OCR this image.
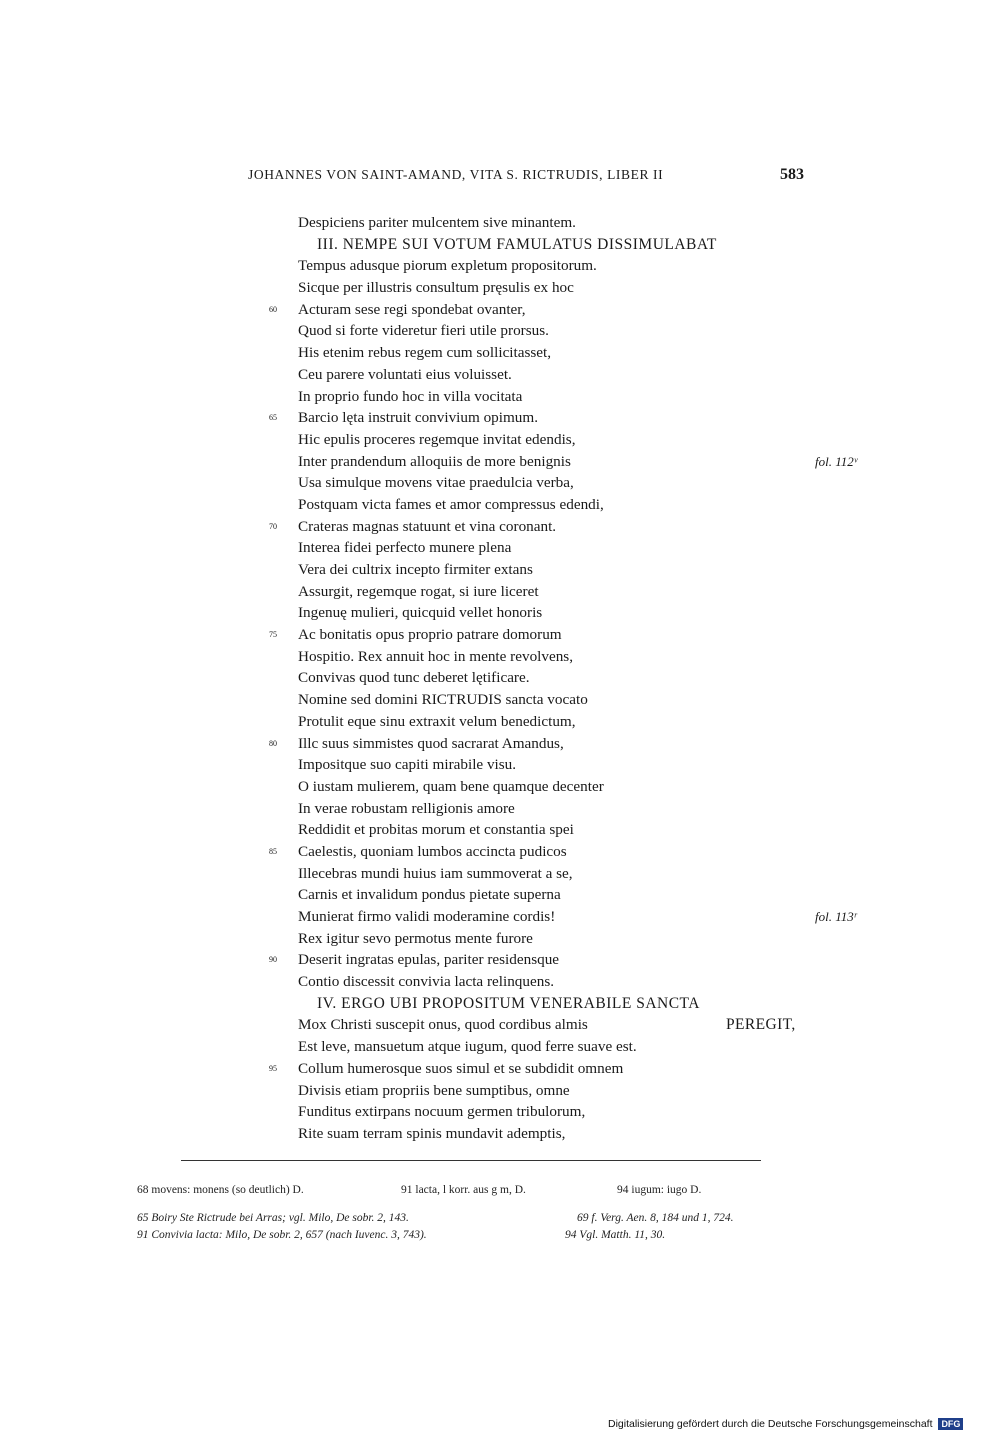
JOHANNES VON SAINT-AMAND, VITA S. RICTRUDIS, LIBER II	583
Despiciens pariter mulcentem sive minantem.
III. NEMPE SUI VOTUM FAMULATUS DISSIMULABAT
Tempus adusque piorum expletum propositorum.
Sicque per illustris consultum pręsulis ex hoc
60	Acturam sese regi spondebat ovanter,
Quod si forte videretur fieri utile prorsus.
His etenim rebus regem cum sollicitasset,
Ceu parere voluntati eius voluisset.
In proprio fundo hoc in villa vocitata
65	Barcio lęta instruit convivium opimum.
Hic epulis proceres regemque invitat edendis,
Inter prandendum alloquiis de more benignis	fol. 112ᵛ
Usa simulque movens vitae praedulcia verba,
Postquam victa fames et amor compressus edendi,
70	Crateras magnas statuunt et vina coronant.
Interea fidei perfecto munere plena
Vera dei cultrix incepto firmiter extans
Assurgit, regemque rogat, si iure liceret
Ingenuę mulieri, quicquid vellet honoris
75	Ac bonitatis opus proprio patrare domorum
Hospitio. Rex annuit hoc in mente revolvens,
Convivas quod tunc deberet lętificare.
Nomine sed domini RICTRUDIS sancta vocato
Protulit eque sinu extraxit velum benedictum,
80	Illc suus simmistes quod sacrarat Amandus,
Impositque suo capiti mirabile visu.
O iustam mulierem, quam bene quamque decenter
In verae robustam relligionis amore
Reddidit et probitas morum et constantia spei
85	Caelestis, quoniam lumbos accincta pudicos
Illecebras mundi huius iam summoverat a se,
Carnis et invalidum pondus pietate superna
Munierat firmo validi moderamine cordis!	fol. 113ʳ
Rex igitur sevo permotus mente furore
90	Deserit ingratas epulas, pariter residensque
Contio discessit convivia lacta relinquens.
IV. ERGO UBI PROPOSITUM VENERABILE SANCTA
Mox Christi suscepit onus, quod cordibus almis	PEREGIT,
Est leve, mansuetum atque iugum, quod ferre suave est.
95	Collum humerosque suos simul et se subdidit omnem
Divisis etiam propriis bene sumptibus, omne
Funditus extirpans nocuum germen tribulorum,
Rite suam terram spinis mundavit ademptis,
68 movens: monens (so deutlich) D.	91 lacta, l korr. aus g m, D.	94 iugum: iugo D.
65 Boiry Ste Rictrude bei Arras; vgl. Milo, De sobr. 2, 143.	69 f. Verg. Aen. 8, 184 und 1, 724.
91 Convivia lacta: Milo, De sobr. 2, 657 (nach Iuvenc. 3, 743).	94 Vgl. Matth. 11, 30.
Digitalisierung gefördert durch die Deutsche Forschungsgemeinschaft DFG
